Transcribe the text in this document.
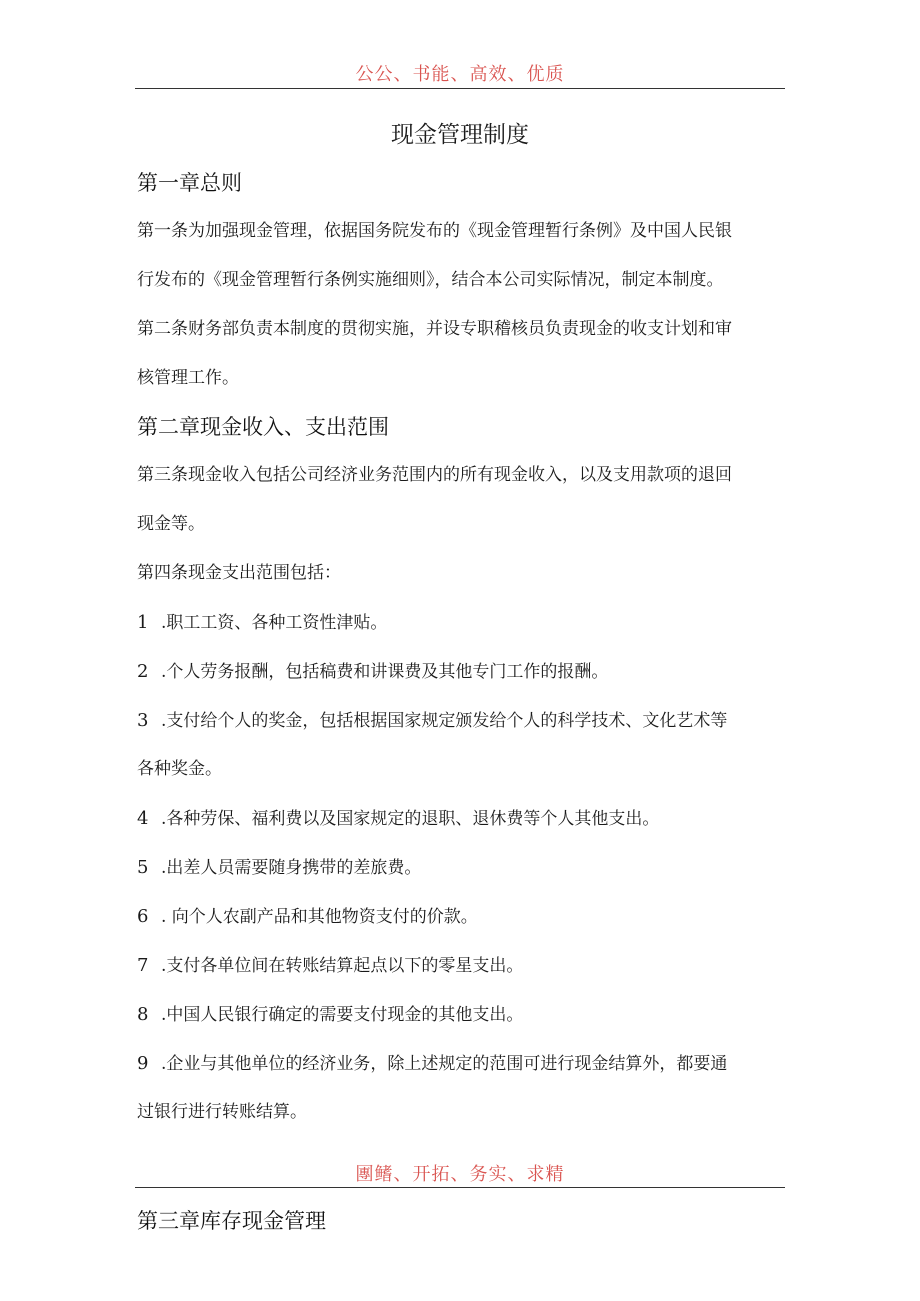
公公、书能、高效、优质
现金管理制度
第一章总则
第一条为加强现金管理，依据国务院发布的《现金管理暂行条例》及中国人民银
行发布的《现金管理暂行条例实施细则》，结合本公司实际情况，制定本制度。
第二条财务部负责本制度的贯彻实施，并设专职稽核员负责现金的收支计划和审
核管理工作。
第二章现金收入、支出范围
第三条现金收入包括公司经济业务范围内的所有现金收入，以及支用款项的退回
现金等。
第四条现金支出范围包括：
1 .职工工资、各种工资性津贴。
2 .个人劳务报酬，包括稿费和讲课费及其他专门工作的报酬。
3 .支付给个人的奖金，包括根据国家规定颁发给个人的科学技术、文化艺术等
各种奖金。
4 .各种劳保、福利费以及国家规定的退职、退休费等个人其他支出。
5 .出差人员需要随身携带的差旅费。
6 . 向个人农副产品和其他物资支付的价款。
7 .支付各单位间在转账结算起点以下的零星支出。
8 .中国人民银行确定的需要支付现金的其他支出。
9 .企业与其他单位的经济业务，除上述规定的范围可进行现金结算外，都要通
过银行进行转账结算。
團鳍、开拓、务实、求精
第三章库存现金管理
